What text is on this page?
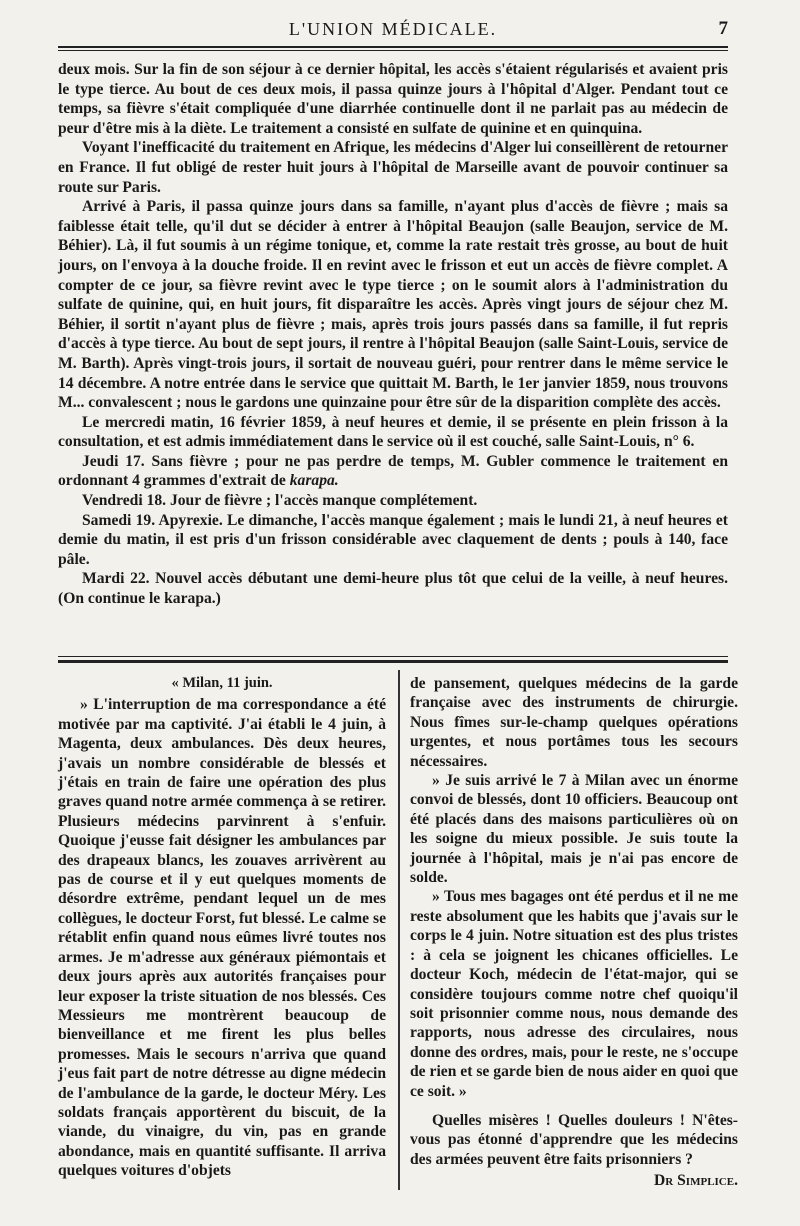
L'UNION MÉDICALE.	7

deux mois. Sur la fin de son séjour à ce dernier hôpital, les accès s'étaient régularisés et avaient pris le type tierce. Au bout de ces deux mois, il passa quinze jours à l'hôpital d'Alger. Pendant tout ce temps, sa fièvre s'était compliquée d'une diarrhée continuelle dont il ne parlait pas au médecin de peur d'être mis à la diète. Le traitement a consisté en sulfate de quinine et en quinquina.

Voyant l'inefficacité du traitement en Afrique, les médecins d'Alger lui conseillèrent de retourner en France. Il fut obligé de rester huit jours à l'hôpital de Marseille avant de pouvoir continuer sa route sur Paris.

Arrivé à Paris, il passa quinze jours dans sa famille, n'ayant plus d'accès de fièvre ; mais sa faiblesse était telle, qu'il dut se décider à entrer à l'hôpital Beaujon (salle Beaujon, service de M. Béhier). Là, il fut soumis à un régime tonique, et, comme la rate restait très grosse, au bout de huit jours, on l'envoya à la douche froide. Il en revint avec le frisson et eut un accès de fièvre complet. A compter de ce jour, sa fièvre revint avec le type tierce ; on le soumit alors à l'administration du sulfate de quinine, qui, en huit jours, fit disparaître les accès. Après vingt jours de séjour chez M. Béhier, il sortit n'ayant plus de fièvre ; mais, après trois jours passés dans sa famille, il fut repris d'accès à type tierce. Au bout de sept jours, il rentre à l'hôpital Beaujon (salle Saint-Louis, service de M. Barth). Après vingt-trois jours, il sortait de nouveau guéri, pour rentrer dans le même service le 14 décembre. A notre entrée dans le service que quittait M. Barth, le 1er janvier 1859, nous trouvons M... convalescent ; nous le gardons une quinzaine pour être sûr de la disparition complète des accès.

Le mercredi matin, 16 février 1859, à neuf heures et demie, il se présente en plein frisson à la consultation, et est admis immédiatement dans le service où il est couché, salle Saint-Louis, n° 6.

Jeudi 17. Sans fièvre ; pour ne pas perdre de temps, M. Gubler commence le traitement en ordonnant 4 grammes d'extrait de karapa.

Vendredi 18. Jour de fièvre ; l'accès manque complétement.

Samedi 19. Apyrexie. Le dimanche, l'accès manque également ; mais le lundi 21, à neuf heures et demie du matin, il est pris d'un frisson considérable avec claquement de dents ; pouls à 140, face pâle.

Mardi 22. Nouvel accès débutant une demi-heure plus tôt que celui de la veille, à neuf heures. (On continue le karapa.)

« Milan, 11 juin.

» L'interruption de ma correspondance a été motivée par ma captivité. J'ai établi le 4 juin, à Magenta, deux ambulances. Dès deux heures, j'avais un nombre considérable de blessés et j'étais en train de faire une opération des plus graves quand notre armée commença à se retirer. Plusieurs médecins parvinrent à s'enfuir. Quoique j'eusse fait désigner les ambulances par des drapeaux blancs, les zouaves arrivèrent au pas de course et il y eut quelques moments de désordre extrême, pendant lequel un de mes collègues, le docteur Forst, fut blessé. Le calme se rétablit enfin quand nous eûmes livré toutes nos armes. Je m'adresse aux généraux piémontais et deux jours après aux autorités françaises pour leur exposer la triste situation de nos blessés. Ces Messieurs me montrèrent beaucoup de bienveillance et me firent les plus belles promesses. Mais le secours n'arriva que quand j'eus fait part de notre détresse au digne médecin de l'ambulance de la garde, le docteur Méry. Les soldats français apportèrent du biscuit, de la viande, du vinaigre, du vin, pas en grande abondance, mais en quantité suffisante. Il arriva quelques voitures d'objets

de pansement, quelques médecins de la garde française avec des instruments de chirurgie. Nous fîmes sur-le-champ quelques opérations urgentes, et nous portâmes tous les secours nécessaires.

» Je suis arrivé le 7 à Milan avec un énorme convoi de blessés, dont 10 officiers. Beaucoup ont été placés dans des maisons particulières où on les soigne du mieux possible. Je suis toute la journée à l'hôpital, mais je n'ai pas encore de solde.

» Tous mes bagages ont été perdus et il ne me reste absolument que les habits que j'avais sur le corps le 4 juin. Notre situation est des plus tristes : à cela se joignent les chicanes officielles. Le docteur Koch, médecin de l'état-major, qui se considère toujours comme notre chef quoiqu'il soit prisonnier comme nous, nous demande des rapports, nous adresse des circulaires, nous donne des ordres, mais, pour le reste, ne s'occupe de rien et se garde bien de nous aider en quoi que ce soit. »

Quelles misères ! Quelles douleurs ! N'êtes-vous pas étonné d'apprendre que les médecins des armées peuvent être faits prisonniers ?

Dr Simplice.
